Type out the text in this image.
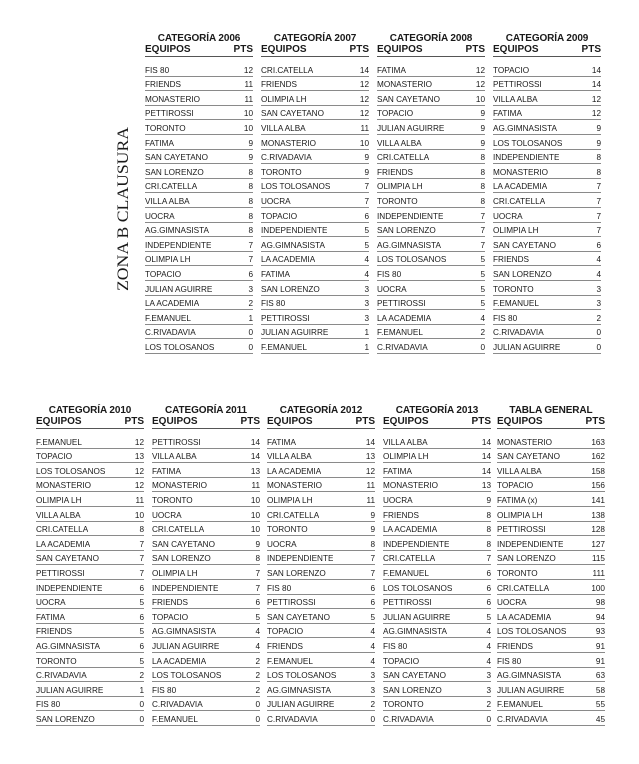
ZONA B CLAUSURA
CATEGORÍA 2006
EQUIPOS	PTS
FIS 80	12
FRIENDS	11
MONASTERIO	11
PETTIROSSI	10
TORONTO	10
FATIMA	9
SAN CAYETANO	9
SAN LORENZO	8
CRI.CATELLA	8
VILLA ALBA	8
UOCRA	8
AG.GIMNASISTA	8
INDEPENDIENTE	7
OLIMPIA LH	7
TOPACIO	6
JULIAN AGUIRRE	3
LA ACADEMIA	2
F.EMANUEL	1
C.RIVADAVIA	0
LOS TOLOSANOS	0
CATEGORÍA 2007
EQUIPOS	PTS
CRI.CATELLA	14
FRIENDS	12
OLIMPIA LH	12
SAN CAYETANO	12
VILLA ALBA	11
MONASTERIO	10
C.RIVADAVIA	9
TORONTO	9
LOS TOLOSANOS	7
UOCRA	7
TOPACIO	6
INDEPENDIENTE	5
AG.GIMNASISTA	5
LA ACADEMIA	4
FATIMA	4
SAN LORENZO	3
FIS 80	3
PETTIROSSI	3
JULIAN AGUIRRE	1
F.EMANUEL	1
CATEGORÍA 2008
EQUIPOS	PTS
FATIMA	12
MONASTERIO	12
SAN CAYETANO	10
TOPACIO	9
JULIAN AGUIRRE	9
VILLA ALBA	9
CRI.CATELLA	8
FRIENDS	8
OLIMPIA LH	8
TORONTO	8
INDEPENDIENTE	7
SAN LORENZO	7
AG.GIMNASISTA	7
LOS TOLOSANOS	5
FIS 80	5
UOCRA	5
PETTIROSSI	5
LA ACADEMIA	4
F.EMANUEL	2
C.RIVADAVIA	0
CATEGORÍA 2009
EQUIPOS	PTS
TOPACIO	14
PETTIROSSI	14
VILLA ALBA	12
FATIMA	12
AG.GIMNASISTA	9
LOS TOLOSANOS	9
INDEPENDIENTE	8
MONASTERIO	8
LA ACADEMIA	7
CRI.CATELLA	7
UOCRA	7
OLIMPIA LH	7
SAN CAYETANO	6
FRIENDS	4
SAN LORENZO	4
TORONTO	3
F.EMANUEL	3
FIS 80	2
C.RIVADAVIA	0
JULIAN AGUIRRE	0
CATEGORÍA 2010
EQUIPOS	PTS
F.EMANUEL	12
TOPACIO	13
LOS TOLOSANOS	12
MONASTERIO	12
OLIMPIA LH	11
VILLA ALBA	10
CRI.CATELLA	8
LA ACADEMIA	7
SAN CAYETANO	7
PETTIROSSI	7
INDEPENDIENTE	6
UOCRA	5
FATIMA	6
FRIENDS	5
AG.GIMNASISTA	6
TORONTO	5
C.RIVADAVIA	2
JULIAN AGUIRRE	1
FIS 80	0
SAN LORENZO	0
CATEGORÍA 2011
EQUIPOS	PTS
PETTIROSSI	14
VILLA ALBA	14
FATIMA	13
MONASTERIO	11
TORONTO	10
UOCRA	10
CRI.CATELLA	10
SAN CAYETANO	9
SAN LORENZO	8
OLIMPIA LH	7
INDEPENDIENTE	7
FRIENDS	6
TOPACIO	5
AG.GIMNASISTA	4
JULIAN AGUIRRE	4
LA ACADEMIA	2
LOS TOLOSANOS	2
FIS 80	2
C.RIVADAVIA	0
F.EMANUEL	0
CATEGORÍA 2012
EQUIPOS	PTS
FATIMA	14
VILLA ALBA	13
LA ACADEMIA	12
MONASTERIO	11
OLIMPIA LH	11
CRI.CATELLA	9
TORONTO	9
UOCRA	8
INDEPENDIENTE	7
SAN LORENZO	7
FIS 80	6
PETTIROSSI	6
SAN CAYETANO	5
TOPACIO	4
FRIENDS	4
F.EMANUEL	4
LOS TOLOSANOS	3
AG.GIMNASISTA	3
JULIAN AGUIRRE	2
C.RIVADAVIA	0
CATEGORÍA 2013
EQUIPOS	PTS
VILLA ALBA	14
OLIMPIA LH	14
FATIMA	14
MONASTERIO	13
UOCRA	9
FRIENDS	8
LA ACADEMIA	8
INDEPENDIENTE	8
CRI.CATELLA	7
F.EMANUEL	6
LOS TOLOSANOS	6
PETTIROSSI	6
JULIAN AGUIRRE	5
AG.GIMNASISTA	4
FIS 80	4
TOPACIO	4
SAN CAYETANO	3
SAN LORENZO	3
TORONTO	2
C.RIVADAVIA	0
TABLA GENERAL
EQUIPOS	PTS
MONASTERIO	163
SAN CAYETANO	162
VILLA ALBA	158
TOPACIO	156
FATIMA (x)	141
OLIMPIA LH	138
PETTIROSSI	128
INDEPENDIENTE	127
SAN LORENZO	115
TORONTO	111
CRI.CATELLA	100
UOCRA	98
LA ACADEMIA	94
LOS TOLOSANOS	93
FRIENDS	91
FIS 80	91
AG.GIMNASISTA	63
JULIAN AGUIRRE	58
F.EMANUEL	55
C.RIVADAVIA	45
